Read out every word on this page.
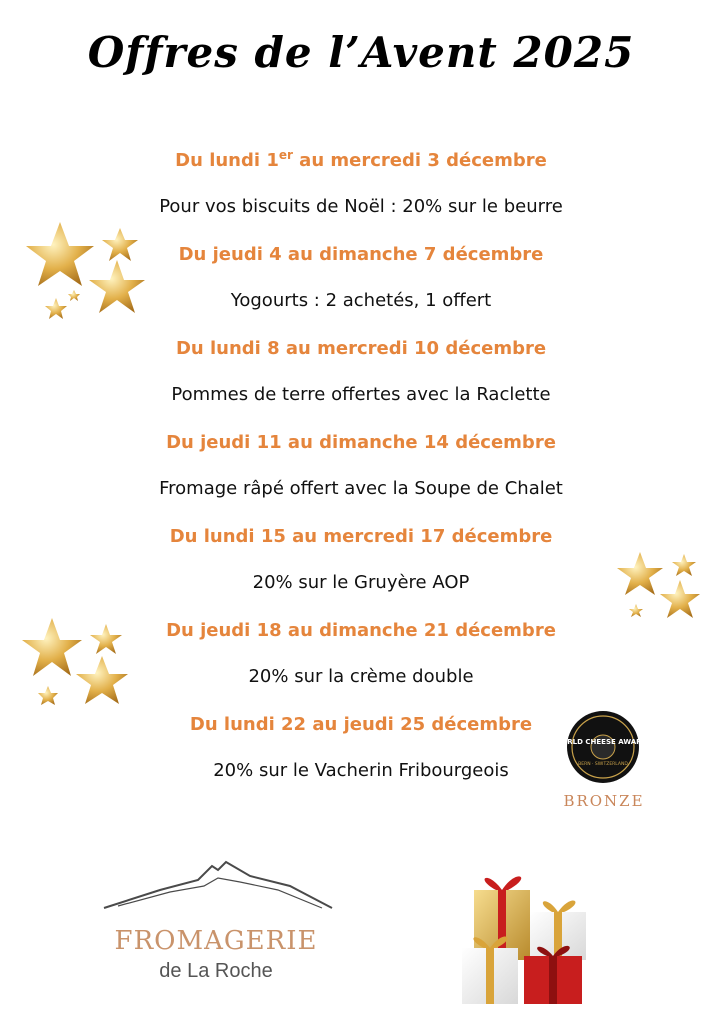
Offres de l’Avent 2025
Du lundi 1er au mercredi 3 décembre
Pour vos biscuits de Noël : 20% sur le beurre
Du jeudi 4 au dimanche 7 décembre
Yogourts : 2 achetés, 1 offert
Du lundi 8 au mercredi 10 décembre
Pommes de terre offertes avec la Raclette
Du jeudi 11 au dimanche 14 décembre
Fromage râpé offert avec la Soupe de Chalet
Du lundi 15 au mercredi 17 décembre
20% sur le Gruyère AOP
Du jeudi 18 au dimanche 21 décembre
20% sur la crème double
Du lundi 22 au jeudi 25 décembre
20% sur le Vacherin Fribourgeois
WORLD CHEESE AWARDS
BERN · SWITZERLAND
BRONZE
FROMAGERIE
de La Roche
